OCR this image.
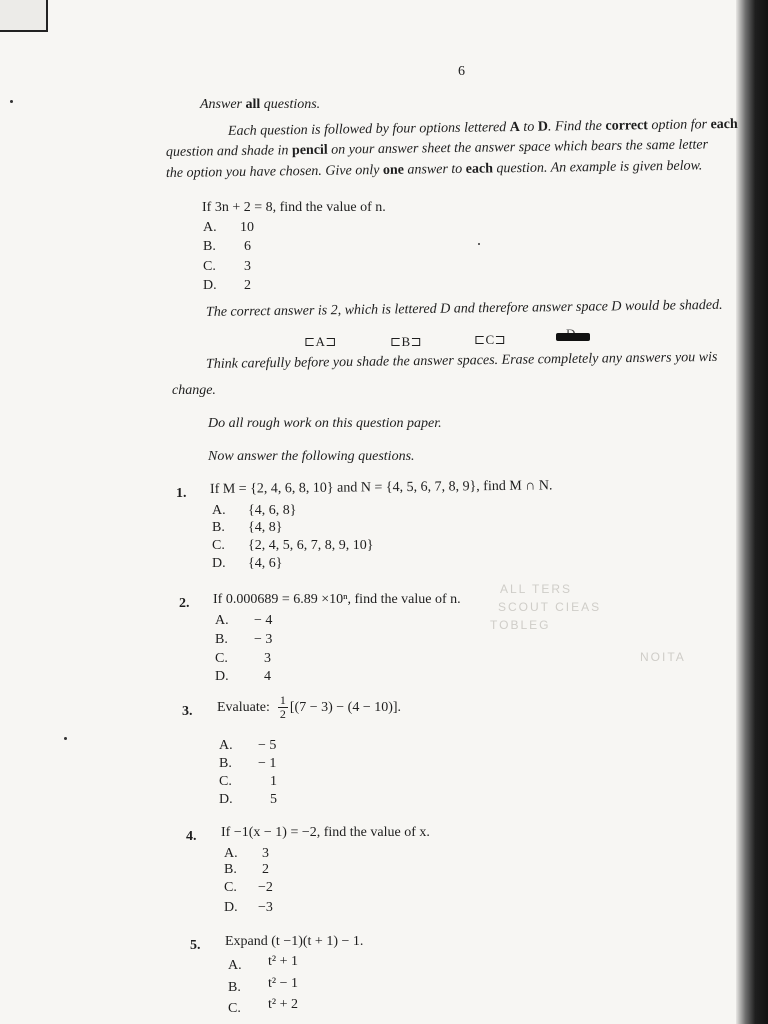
ALL TERS
SCOUT CIEAS
TOBLEG
NOITA
6
Answer all questions.
Each question is followed by four options lettered A to D. Find the correct option for each
question and shade in pencil on your answer sheet the answer space which bears the same letter
the option you have chosen. Give only one answer to each question. An example is given below.
If 3n + 2 = 8, find the value of n.
A. 10
B. 6
C. 3
D. 2
The correct answer is 2, which is lettered D and therefore answer space D would be shaded.
⊏A⊐	⊏B⊐	⊏C⊐
Think carefully before you shade the answer spaces. Erase completely any answers you wis
change.
Do all rough work on this question paper.
Now answer the following questions.
1. If M = {2, 4, 6, 8, 10} and N = {4, 5, 6, 7, 8, 9}, find M ∩ N.
A. {4, 6, 8}
B. {4, 8}
C. {2, 4, 5, 6, 7, 8, 9, 10}
D. {4, 6}
2. If 0.000689 = 6.89 ×10ⁿ, find the value of n.
A. − 4
B. − 3
C.	3
D.	4
3. Evaluate: $\frac{1}{2} [(7 - 3) - (4 - 10)]$.
A. − 5
B. − 1
C.	1
D.	5
4. If −1(x − 1) = −2, find the value of x.
A. 3
B. 2
C. −2
D. −3
5. Expand (t −1)(t + 1) − 1.
A. t² + 1
B. t² − 1
C. t² + 2
